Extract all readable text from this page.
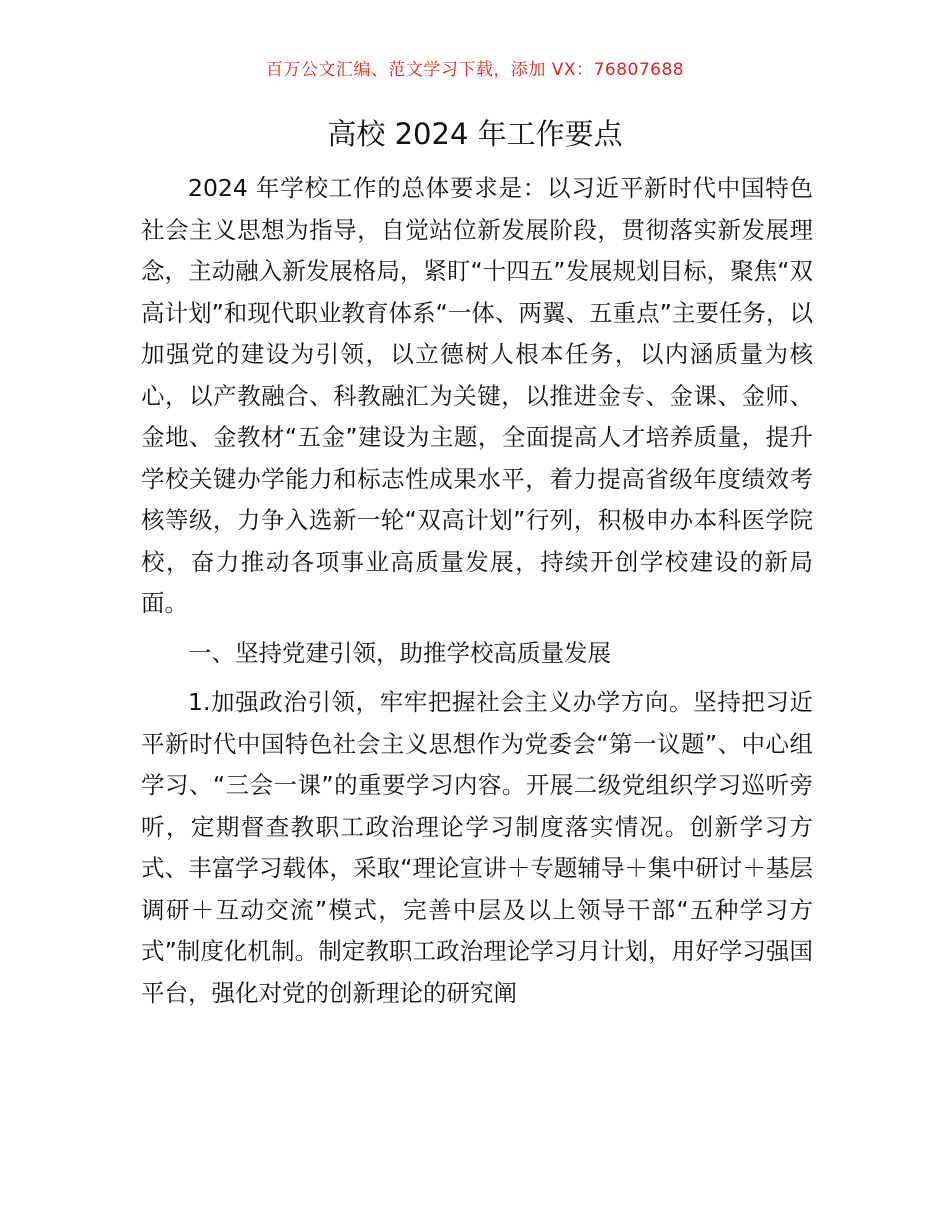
百万公文汇编、范文学习下载，添加 VX：76807688
高校 2024 年工作要点

2024 年学校工作的总体要求是：以习近平新时代中国特色社会主义思想为指导，自觉站位新发展阶段，贯彻落实新发展理念，主动融入新发展格局，紧盯“十四五”发展规划目标，聚焦“双高计划”和现代职业教育体系“一体、两翼、五重点”主要任务，以加强党的建设为引领，以立德树人根本任务，以内涵质量为核心，以产教融合、科教融汇为关键，以推进金专、金课、金师、金地、金教材“五金”建设为主题，全面提高人才培养质量，提升学校关键办学能力和标志性成果水平，着力提高省级年度绩效考核等级，力争入选新一轮“双高计划”行列，积极申办本科医学院校，奋力推动各项事业高质量发展，持续开创学校建设的新局面。

一、坚持党建引领，助推学校高质量发展

1.加强政治引领，牢牢把握社会主义办学方向。坚持把习近平新时代中国特色社会主义思想作为党委会“第一议题”、中心组学习、“三会一课”的重要学习内容。开展二级党组织学习巡听旁听，定期督查教职工政治理论学习制度落实情况。创新学习方式、丰富学习载体，采取“理论宣讲＋专题辅导＋集中研讨＋基层调研＋互动交流”模式，完善中层及以上领导干部“五种学习方式”制度化机制。制定教职工政治理论学习月计划，用好学习强国平台，强化对党的创新理论的研究阐
